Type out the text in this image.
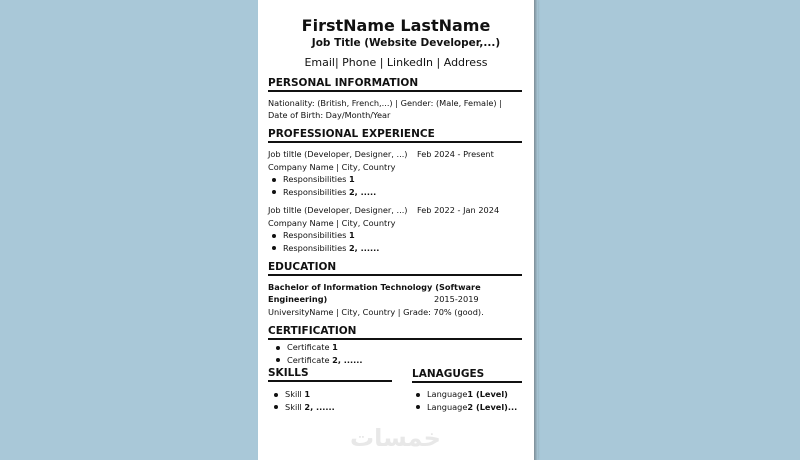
FirstName LastName
Job Title (Website Developer,...)
Email| Phone | LinkedIn | Address
PERSONAL INFORMATION
Nationality: (British, French,...) | Gender: (Male, Female) |
Date of Birth: Day/Month/Year
PROFESSIONAL EXPERIENCE
Job tiltle (Developer, Designer, ...) Feb 2024 - Present
Company Name | City, Country
Responsibilities 1
Responsibilities 2, .....
Job tiltle (Developer, Designer, ...) Feb 2022 - Jan 2024
Company Name | City, Country
Responsibilities 1
Responsibilities 2, ......
EDUCATION
Bachelor of Information Technology (Software
Engineering)	2015-2019
UniversityName | City, Country | Grade: 70% (good).
CERTIFICATION
Certificate 1
Certificate 2, ......
SKILLS	LANAGUGES
Skill 1
Skill 2, ......
Language1 (Level)
Language2 (Level)...
خمسات
